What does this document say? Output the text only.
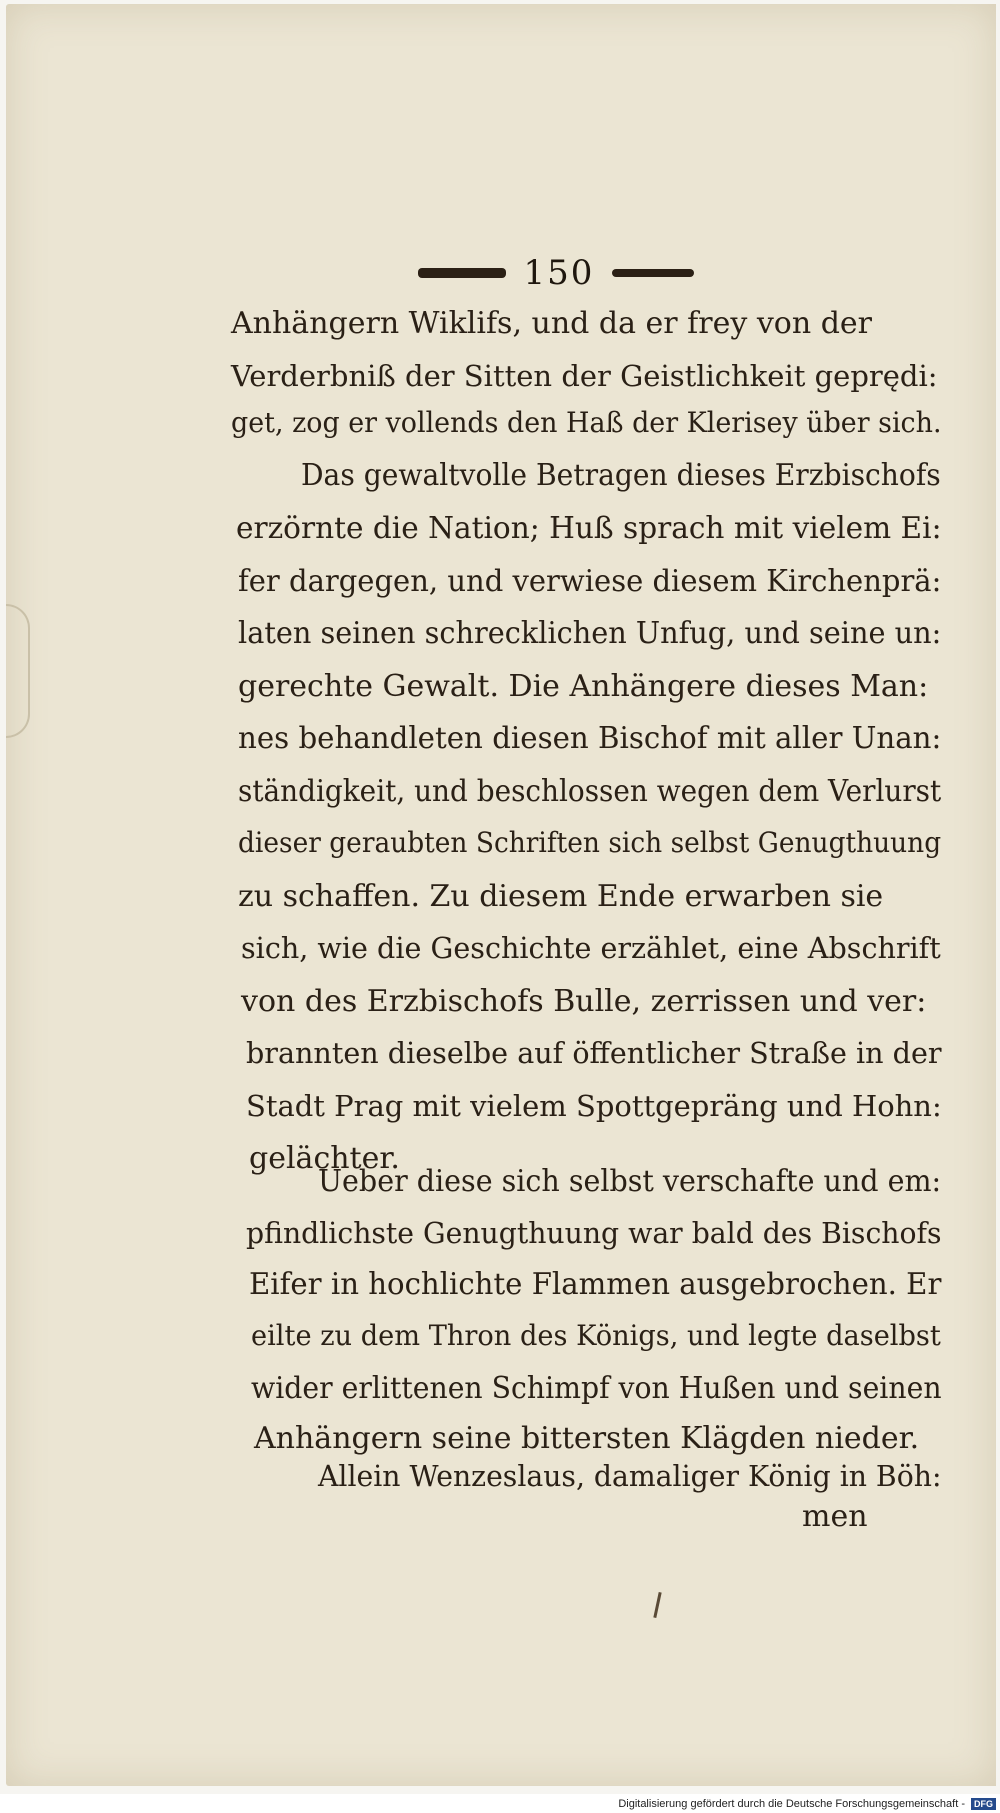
150
Anhängern Wiklifs, und da er frey von der
Verderbniß der Sitten der Geistlichkeit geprędi:
get, zog er vollends den Haß der Klerisey über sich.
Das gewaltvolle Betragen dieses Erzbischofs
erzörnte die Nation; Huß sprach mit vielem Ei:
fer dargegen, und verwiese diesem Kirchenprä:
laten seinen schrecklichen Unfug, und seine un:
gerechte Gewalt. Die Anhängere dieses Man:
nes behandleten diesen Bischof mit aller Unan:
ständigkeit, und beschlossen wegen dem Verlurst
dieser geraubten Schriften sich selbst Genugthuung
zu schaffen. Zu diesem Ende erwarben sie
sich, wie die Geschichte erzählet, eine Abschrift
von des Erzbischofs Bulle, zerrissen und ver:
brannten dieselbe auf öffentlicher Straße in der
Stadt Prag mit vielem Spottgepräng und Hohn:
gelächter.
Ueber diese sich selbst verschafte und em:
pfindlichste Genugthuung war bald des Bischofs
Eifer in hochlichte Flammen ausgebrochen. Er
eilte zu dem Thron des Königs, und legte daselbst
wider erlittenen Schimpf von Hußen und seinen
Anhängern seine bittersten Klägden nieder.
Allein Wenzeslaus, damaliger König in Böh:
men
Digitalisierung gefördert durch die Deutsche Forschungsgemeinschaft -	DFG
